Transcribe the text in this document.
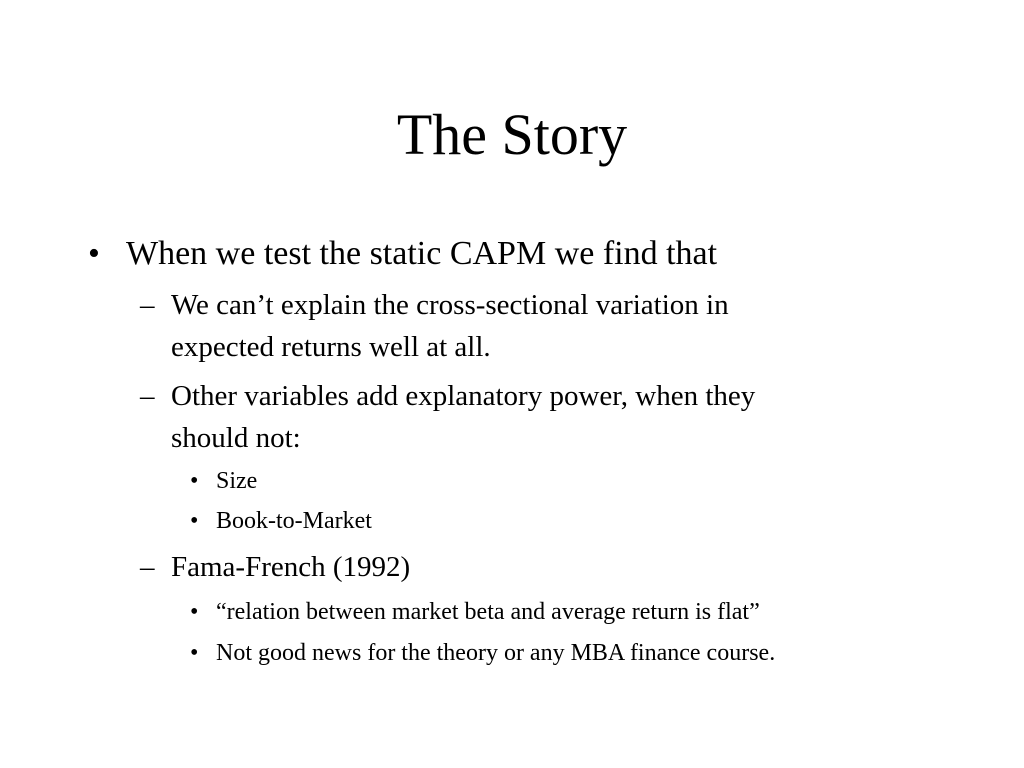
The Story
• When we test the static CAPM we find that
– We can’t explain the cross-sectional variation in
expected returns well at all.
– Other variables add explanatory power, when they
should not:
• Size
• Book-to-Market
– Fama-French (1992)
• “relation between market beta and average return is flat”
• Not good news for the theory or any MBA finance course.
